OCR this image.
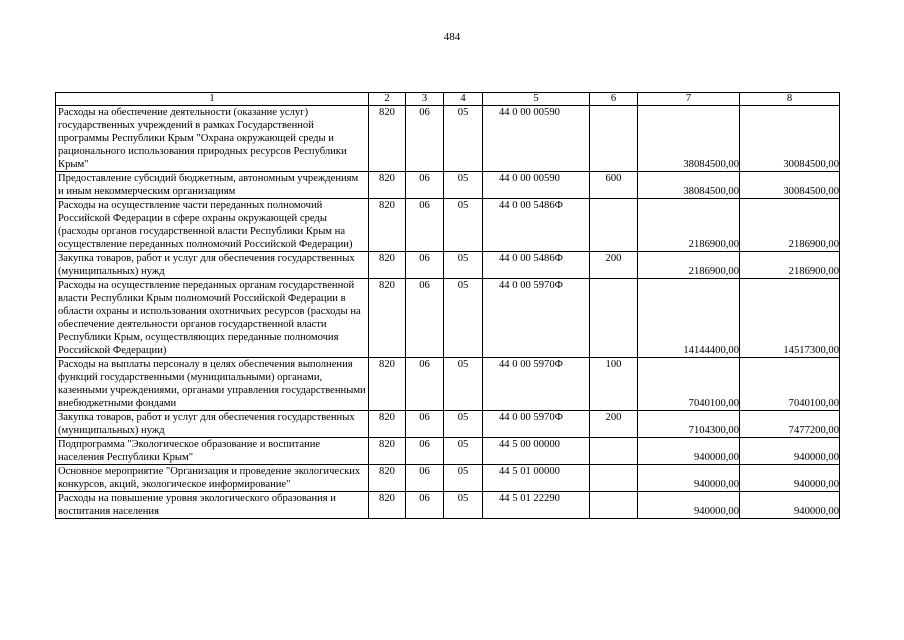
484
1	2	3	4	5	6	7	8
Расходы на обеспечение деятельности (оказание услуг) государственных учреждений в рамках Государственной программы Республики Крым "Охрана окружающей среды и рационального использования природных ресурсов Республики Крым"	820	06	05	44 0 00 00590		38084500,00	30084500,00
Предоставление субсидий бюджетным, автономным учреждениям и иным некоммерческим организациям	820	06	05	44 0 00 00590	600	38084500,00	30084500,00
Расходы на осуществление части переданных полномочий Российской Федерации в сфере охраны окружающей среды (расходы органов государственной власти Республики Крым на осуществление переданных полномочий Российской Федерации)	820	06	05	44 0 00 5486Ф		2186900,00	2186900,00
Закупка товаров, работ и услуг для обеспечения государственных (муниципальных) нужд	820	06	05	44 0 00 5486Ф	200	2186900,00	2186900,00
Расходы на осуществление переданных органам государственной власти Республики Крым полномочий Российской Федерации в области охраны и использования охотничьих ресурсов (расходы на обеспечение деятельности органов государственной власти Республики Крым, осуществляющих переданные полномочия Российской Федерации)	820	06	05	44 0 00 5970Ф		14144400,00	14517300,00
Расходы на выплаты персоналу в целях обеспечения выполнения функций государственными (муниципальными) органами, казенными учреждениями, органами управления государственными внебюджетными фондами	820	06	05	44 0 00 5970Ф	100	7040100,00	7040100,00
Закупка товаров, работ и услуг для обеспечения государственных (муниципальных) нужд	820	06	05	44 0 00 5970Ф	200	7104300,00	7477200,00
Подпрограмма "Экологическое образование и воспитание населения Республики Крым"	820	06	05	44 5 00 00000		940000,00	940000,00
Основное мероприятие "Организация и проведение экологических конкурсов, акций, экологическое информирование"	820	06	05	44 5 01 00000		940000,00	940000,00
Расходы на повышение уровня экологического образования и воспитания населения	820	06	05	44 5 01 22290		940000,00	940000,00
